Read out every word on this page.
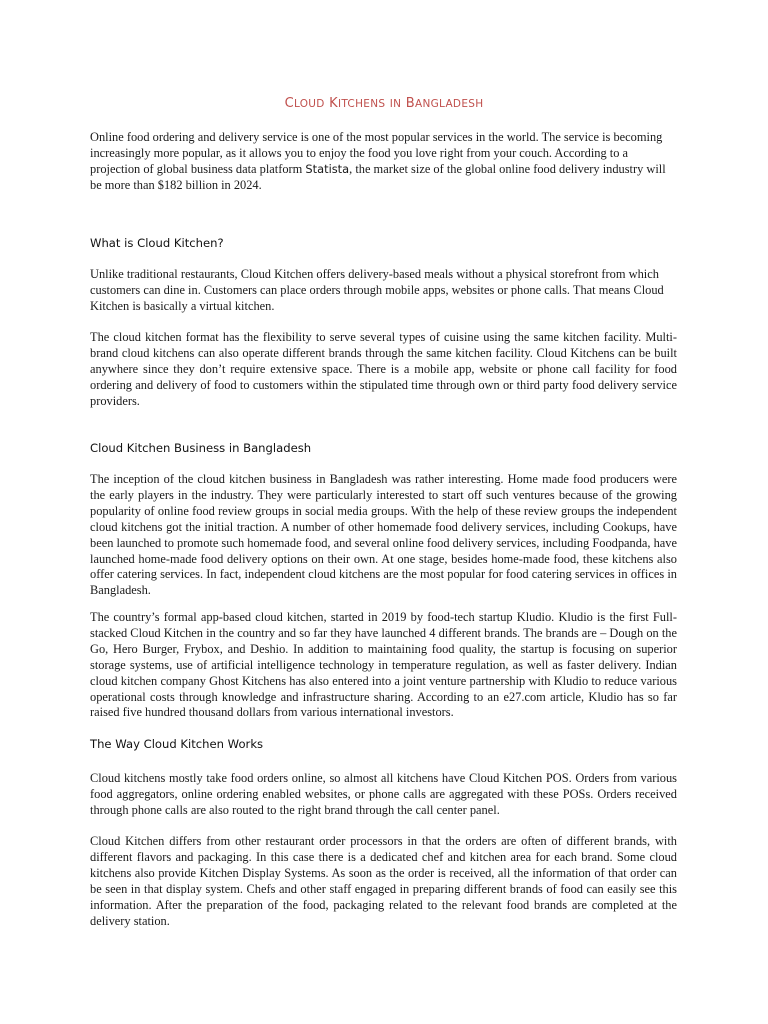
CLOUD KITCHENS IN BANGLADESH

Online food ordering and delivery service is one of the most popular services in the world. The service is becoming increasingly more popular, as it allows you to enjoy the food you love right from your couch. According to a projection of global business data platform Statista, the market size of the global online food delivery industry will be more than $182 billion in 2024.

What is Cloud Kitchen?

Unlike traditional restaurants, Cloud Kitchen offers delivery-based meals without a physical storefront from which customers can dine in. Customers can place orders through mobile apps, websites or phone calls. That means Cloud Kitchen is basically a virtual kitchen.

The cloud kitchen format has the flexibility to serve several types of cuisine using the same kitchen facility. Multi-brand cloud kitchens can also operate different brands through the same kitchen facility. Cloud Kitchens can be built anywhere since they don’t require extensive space. There is a mobile app, website or phone call facility for food ordering and delivery of food to customers within the stipulated time through own or third party food delivery service providers.

Cloud Kitchen Business in Bangladesh

The inception of the cloud kitchen business in Bangladesh was rather interesting. Home made food producers were the early players in the industry. They were particularly interested to start off such ventures because of the growing popularity of online food review groups in social media groups. With the help of these review groups the independent cloud kitchens got the initial traction. A number of other homemade food delivery services, including Cookups, have been launched to promote such homemade food, and several online food delivery services, including Foodpanda, have launched home-made food delivery options on their own. At one stage, besides home-made food, these kitchens also offer catering services. In fact, independent cloud kitchens are the most popular for food catering services in offices in Bangladesh.

The country’s formal app-based cloud kitchen, started in 2019 by food-tech startup Kludio. Kludio is the first Full-stacked Cloud Kitchen in the country and so far they have launched 4 different brands. The brands are – Dough on the Go, Hero Burger, Frybox, and Deshio. In addition to maintaining food quality, the startup is focusing on superior storage systems, use of artificial intelligence technology in temperature regulation, as well as faster delivery. Indian cloud kitchen company Ghost Kitchens has also entered into a joint venture partnership with Kludio to reduce various operational costs through knowledge and infrastructure sharing. According to an e27.com article, Kludio has so far raised five hundred thousand dollars from various international investors.

The Way Cloud Kitchen Works

Cloud kitchens mostly take food orders online, so almost all kitchens have Cloud Kitchen POS. Orders from various food aggregators, online ordering enabled websites, or phone calls are aggregated with these POSs. Orders received through phone calls are also routed to the right brand through the call center panel.

Cloud Kitchen differs from other restaurant order processors in that the orders are often of different brands, with different flavors and packaging. In this case there is a dedicated chef and kitchen area for each brand. Some cloud kitchens also provide Kitchen Display Systems. As soon as the order is received, all the information of that order can be seen in that display system. Chefs and other staff engaged in preparing different brands of food can easily see this information. After the preparation of the food, packaging related to the relevant food brands are completed at the delivery station.
